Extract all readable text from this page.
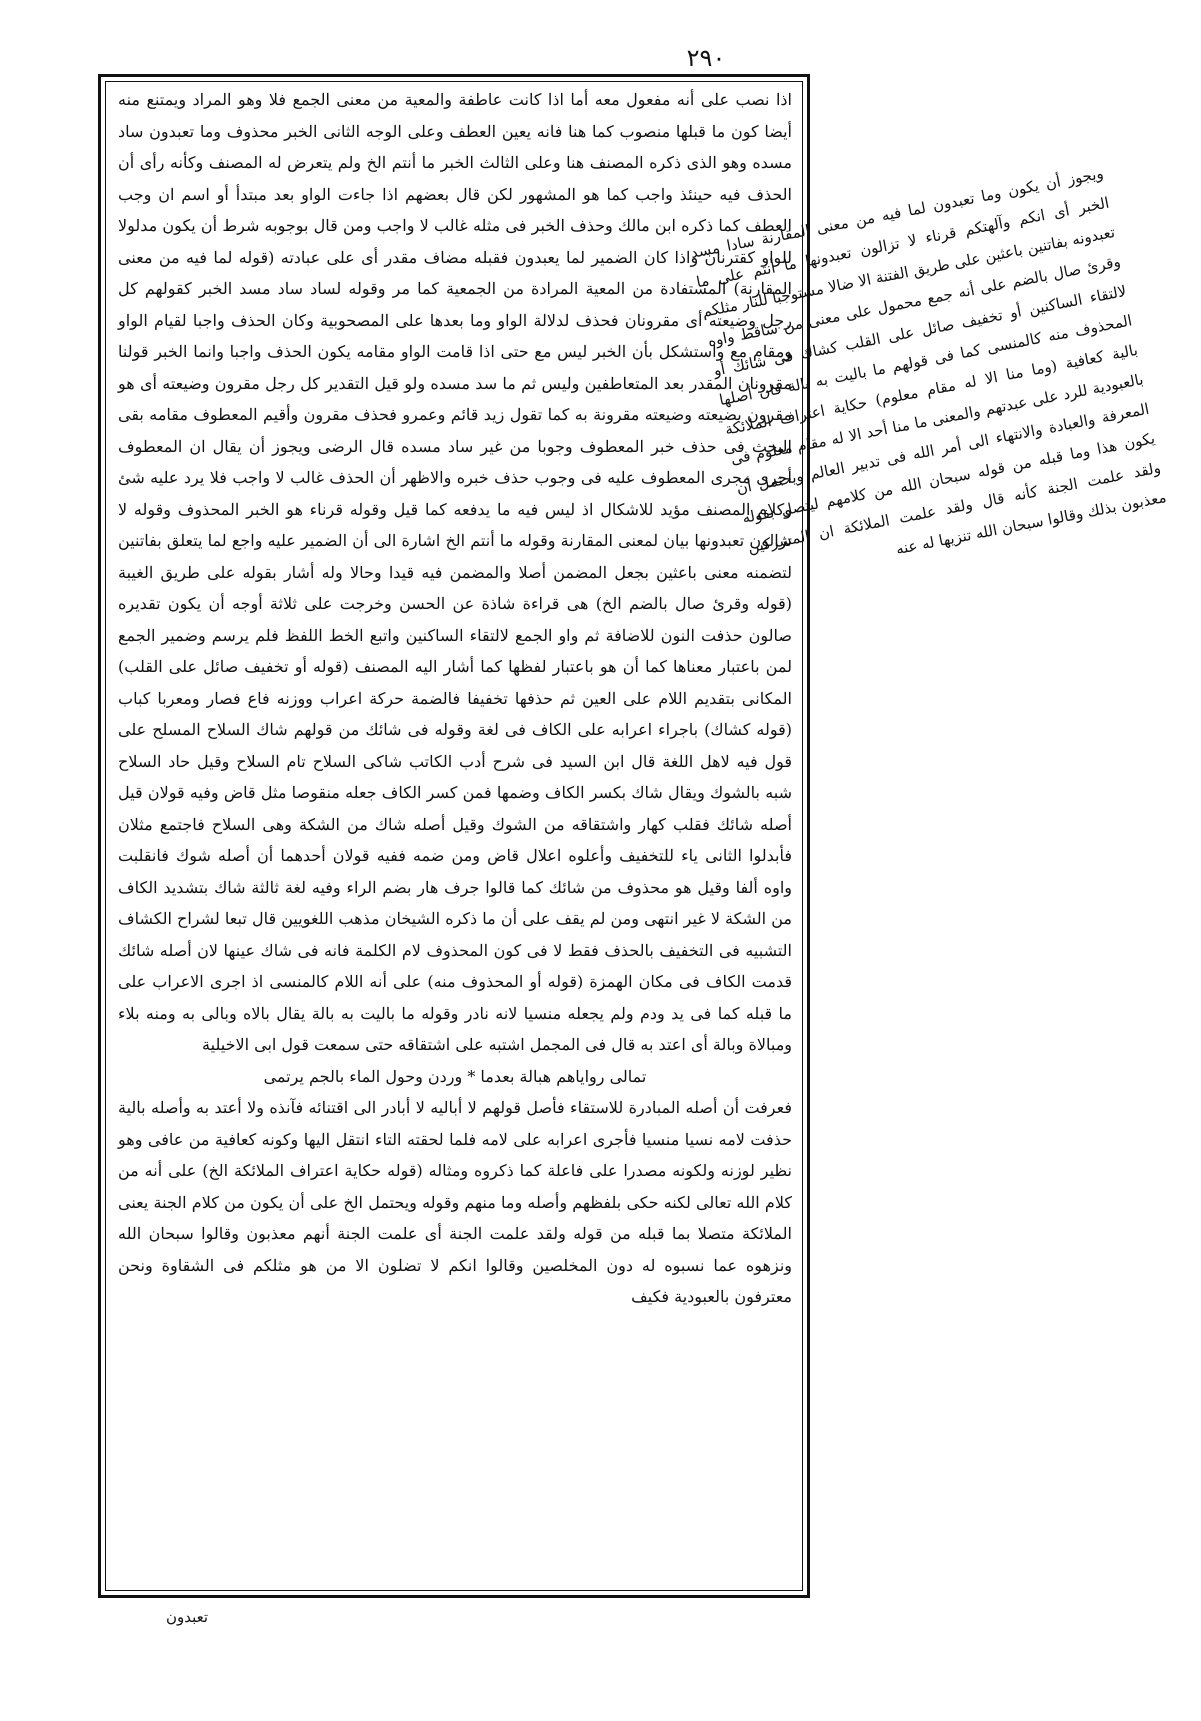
٢٩٠

اذا نصب على أنه مفعول معه أما اذا كانت عاطفة والمعية من معنى الجمع فلا وهو المراد ويمتنع منه أيضا كون ما قبلها منصوب كما هنا فانه يعين العطف وعلى الوجه الثانى الخبر محذوف وما تعبدون ساد مسده وهو الذى ذكره المصنف هنا وعلى الثالث الخبر ما أنتم الخ ولم يتعرض له المصنف وكأنه رأى أن الحذف فيه حينئذ واجب كما هو المشهور لكن قال بعضهم اذا جاءت الواو بعد مبتدأ أو اسم ان وجب العطف كما ذكره ابن مالك وحذف الخبر فى مثله غالب لا واجب ومن قال بوجوبه شرط أن يكون مدلولا للواو كقترنان واذا كان الضمير لما يعبدون فقبله مضاف مقدر أى على عبادته (قوله لما فيه من معنى المقارنة) المستفادة من المعية المرادة من الجمعية كما مر وقوله لساد ساد مسد الخبر كقولهم كل رجل وضيعته أى مقرونان فحذف لدلالة الواو وما بعدها على المصحوبية وكان الحذف واجبا لقيام الواو ومقام مع واستشكل بأن الخبر ليس مع حتى اذا قامت الواو مقامه يكون الحذف واجبا وانما الخبر قولنا مقرونان المقدر بعد المتعاطفين وليس ثم ما سد مسده ولو قيل التقدير كل رجل مقرون وضيعته أى هو مقرون بضيعته وضيعته مقرونة به كما تقول زيد قائم وعمرو فحذف مقرون وأقيم المعطوف مقامه بقى البحث فى حذف خبر المعطوف وجوبا من غير ساد مسده قال الرضى ويجوز أن يقال ان المعطوف أجرى مجرى المعطوف عليه فى وجوب حذف خبره والاظهر أن الحذف غالب لا واجب فلا يرد عليه شئ وكلام المصنف مؤيد للاشكال اذ ليس فيه ما يدفعه كما قيل وقوله قرناء هو الخبر المحذوف وقوله لا تزالون تعبدونها بيان لمعنى المقارنة وقوله ما أنتم الخ اشارة الى أن الضمير عليه واجع لما يتعلق بفاتنين لتضمنه معنى باعثين بجعل المضمن أصلا والمضمن فيه قيدا وحالا وله أشار بقوله على طريق الغيبة (قوله وقرئ صال بالضم الخ) هى قراءة شاذة عن الحسن وخرجت على ثلاثة أوجه أن يكون تقديره صالون حذفت النون للاضافة ثم واو الجمع لالتقاء الساكنين واتبع الخط اللفظ فلم يرسم وضمير الجمع لمن باعتبار معناها كما أن هو باعتبار لفظها كما أشار اليه المصنف (قوله أو تخفيف صائل على القلب) المكانى بتقديم اللام على العين ثم حذفها تخفيفا فالضمة حركة اعراب ووزنه فاع فصار ومعربا كباب (قوله كشاك) باجراء اعرابه على الكاف فى لغة وقوله فى شائك من قولهم شاك السلاح المسلح على قول فيه لاهل اللغة قال ابن السيد فى شرح أدب الكاتب شاكى السلاح تام السلاح وقيل حاد السلاح شبه بالشوك ويقال شاك بكسر الكاف وضمها فمن كسر الكاف جعله منقوصا مثل قاض وفيه قولان قيل أصله شائك فقلب كهار واشتقاقه من الشوك وقيل أصله شاك من الشكة وهى السلاح فاجتمع مثلان فأبدلوا الثانى ياء للتخفيف وأعلوه اعلال قاض ومن ضمه ففيه قولان أحدهما أن أصله شوك فانقلبت واوه ألفا وقيل هو محذوف من شائك كما قالوا جرف هار بضم الراء وفيه لغة ثالثة شاك بتشديد الكاف من الشكة لا غير انتهى ومن لم يقف على أن ما ذكره الشيخان مذهب اللغويين قال تبعا لشراح الكشاف التشبيه فى التخفيف بالحذف فقط لا فى كون المحذوف لام الكلمة فانه فى شاك عينها لان أصله شائك قدمت الكاف فى مكان الهمزة (قوله أو المحذوف منه) على أنه اللام كالمنسى اذ اجرى الاعراب على ما قبله كما فى يد ودم ولم يجعله منسيا لانه نادر وقوله ما باليت به بالة يقال بالاه وبالى به ومنه بلاء ومبالاة وبالة أى اعتد به قال فى المجمل اشتبه على اشتقاقه حتى سمعت قول ابى الاخيلية

تمالى رواياهم هبالة بعدما * وردن وحول الماء بالجم يرتمى

فعرفت أن أصله المبادرة للاستقاء فأصل قولهم لا أباليه لا أبادر الى اقتنائه فآنذه ولا أعتد به وأصله بالية حذفت لامه نسيا منسيا فأجرى اعرابه على لامه فلما لحقته التاء انتقل اليها وكونه كعافية من عافى وهو نظير لوزنه ولكونه مصدرا على فاعلة كما ذكروه ومثاله (قوله حكاية اعتراف الملائكة الخ) على أنه من كلام الله تعالى لكنه حكى بلفظهم وأصله وما منهم وقوله ويحتمل الخ على أن يكون من كلام الجنة يعنى الملائكة متصلا بما قبله من قوله ولقد علمت الجنة أى علمت الجنة أنهم معذبون وقالوا سبحان الله ونزهوه عما نسبوه له دون المخلصين وقالوا انكم لا تضلون الا من هو مثلكم فى الشقاوة ونحن معترفون بالعبودية فكيف

تعبدون

ويجوز أن يكون وما تعبدون لما فيه من معنى المقارنة سادا مسد الخبر أى انكم وآلهتكم قرناء لا تزالون تعبدونها ما أنتم على ما تعبدونه بفاتنين باعثين على طريق الفتنة الا ضالا مستوجبا للنار مثلكم وقرئ صال بالضم على أنه جمع محمول على معنى من ساقط واوه لالتقاء الساكنين أو تخفيف صائل على القلب كشاك فى شائك أو المحذوف منه كالمنسى كما فى قولهم ما باليت به بالة فان أصلها بالية كعافية (وما منا الا له مقام معلوم) حكاية اعتراف الملائكة بالعبودية للرد على عبدتهم والمعنى ما منا أحد الا له مقام معلوم فى المعرفة والعبادة والانتهاء الى أمر الله فى تدبير العالم ويحتمل أن يكون هذا وما قبله من قوله سبحان الله من كلامهم ليتصل بقوله ولقد علمت الجنة كأنه قال ولقد علمت الملائكة ان المشركين معذبون بذلك وقالوا سبحان الله تنزيها له عنه
